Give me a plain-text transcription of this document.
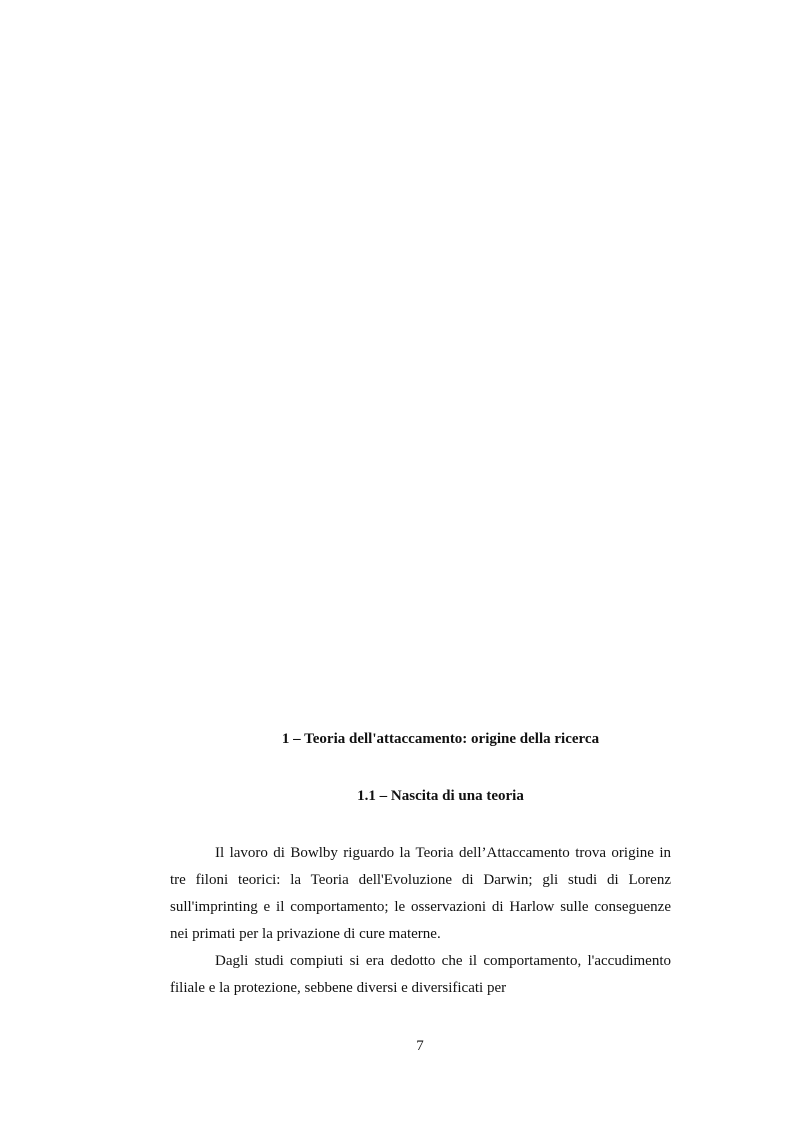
1 – Teoria dell'attaccamento: origine della ricerca
1.1 – Nascita di una teoria

Il lavoro di Bowlby riguardo la Teoria dell’Attaccamento trova origine in tre filoni teorici: la Teoria dell'Evoluzione di Darwin; gli studi di Lorenz sull'imprinting e il comportamento; le osservazioni di Harlow sulle conseguenze nei primati per la privazione di cure materne.

Dagli studi compiuti si era dedotto che il comportamento, l'accudimento filiale e la protezione, sebbene diversi e diversificati per

7
